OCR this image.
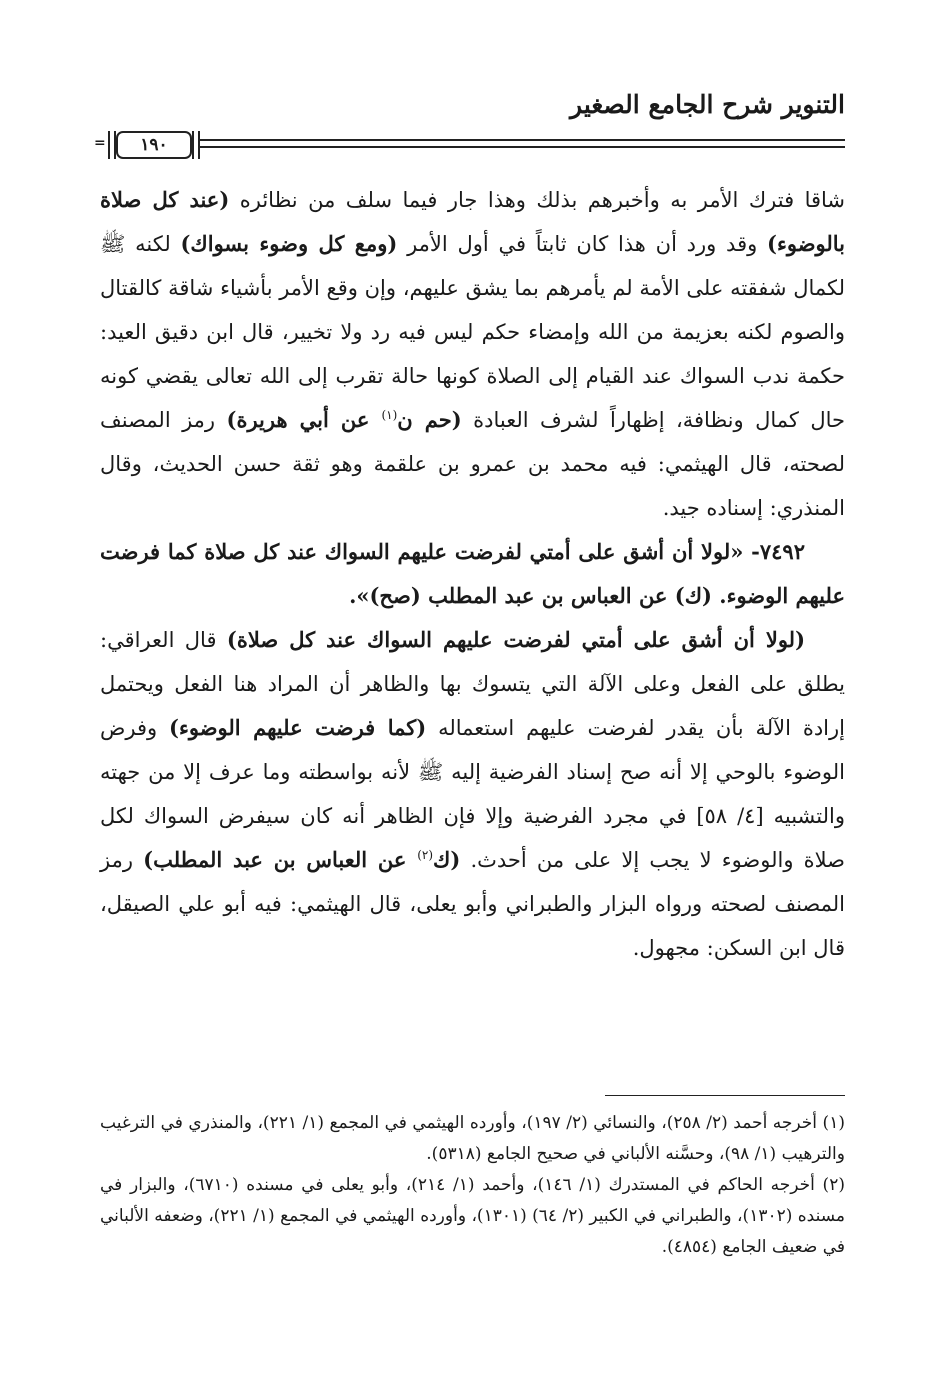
التنوير شرح الجامع الصغير
١٩٠
=

شاقا فترك الأمر به وأخبرهم بذلك وهذا جار فيما سلف من نظائره (عند كل صلاة بالوضوء) وقد ورد أن هذا كان ثابتاً في أول الأمر (ومع كل وضوء بسواك) لكنه ﷺ لكمال شفقته على الأمة لم يأمرهم بما يشق عليهم، وإن وقع الأمر بأشياء شاقة كالقتال والصوم لكنه بعزيمة من الله وإمضاء حكم ليس فيه رد ولا تخيير، قال ابن دقيق العيد: حكمة ندب السواك عند القيام إلى الصلاة كونها حالة تقرب إلى الله تعالى يقضي كونه حال كمال ونظافة، إظهاراً لشرف العبادة (حم ن$^{(١)}$ عن أبي هريرة) رمز المصنف لصحته، قال الهيثمي: فيه محمد بن عمرو بن علقمة وهو ثقة حسن الحديث، وقال المنذري: إسناده جيد.

٧٤٩٢- «لولا أن أشق على أمتي لفرضت عليهم السواك عند كل صلاة كما فرضت عليهم الوضوء. (ك) عن العباس بن عبد المطلب (صح)».

(لولا أن أشق على أمتي لفرضت عليهم السواك عند كل صلاة) قال العراقي: يطلق على الفعل وعلى الآلة التي يتسوك بها والظاهر أن المراد هنا الفعل ويحتمل إرادة الآلة بأن يقدر لفرضت عليهم استعماله (كما فرضت عليهم الوضوء) وفرض الوضوء بالوحي إلا أنه صح إسناد الفرضية إليه ﷺ لأنه بواسطته وما عرف إلا من جهته والتشبيه [٤/ ٥٨] في مجرد الفرضية وإلا فإن الظاهر أنه كان سيفرض السواك لكل صلاة والوضوء لا يجب إلا على من أحدث. (ك$^{(٢)}$ عن العباس بن عبد المطلب) رمز المصنف لصحته ورواه البزار والطبراني وأبو يعلى، قال الهيثمي: فيه أبو علي الصيقل، قال ابن السكن: مجهول.

(١) أخرجه أحمد (٢/ ٢٥٨)، والنسائي (٢/ ١٩٧)، وأورده الهيثمي في المجمع (١/ ٢٢١)، والمنذري في الترغيب والترهيب (١/ ٩٨)، وحسَّنه الألباني في صحيح الجامع (٥٣١٨).

(٢) أخرجه الحاكم في المستدرك (١/ ١٤٦)، وأحمد (١/ ٢١٤)، وأبو يعلى في مسنده (٦٧١٠)، والبزار في مسنده (١٣٠٢)، والطبراني في الكبير (٢/ ٦٤) (١٣٠١)، وأورده الهيثمي في المجمع (١/ ٢٢١)، وضعفه الألباني في ضعيف الجامع (٤٨٥٤).
